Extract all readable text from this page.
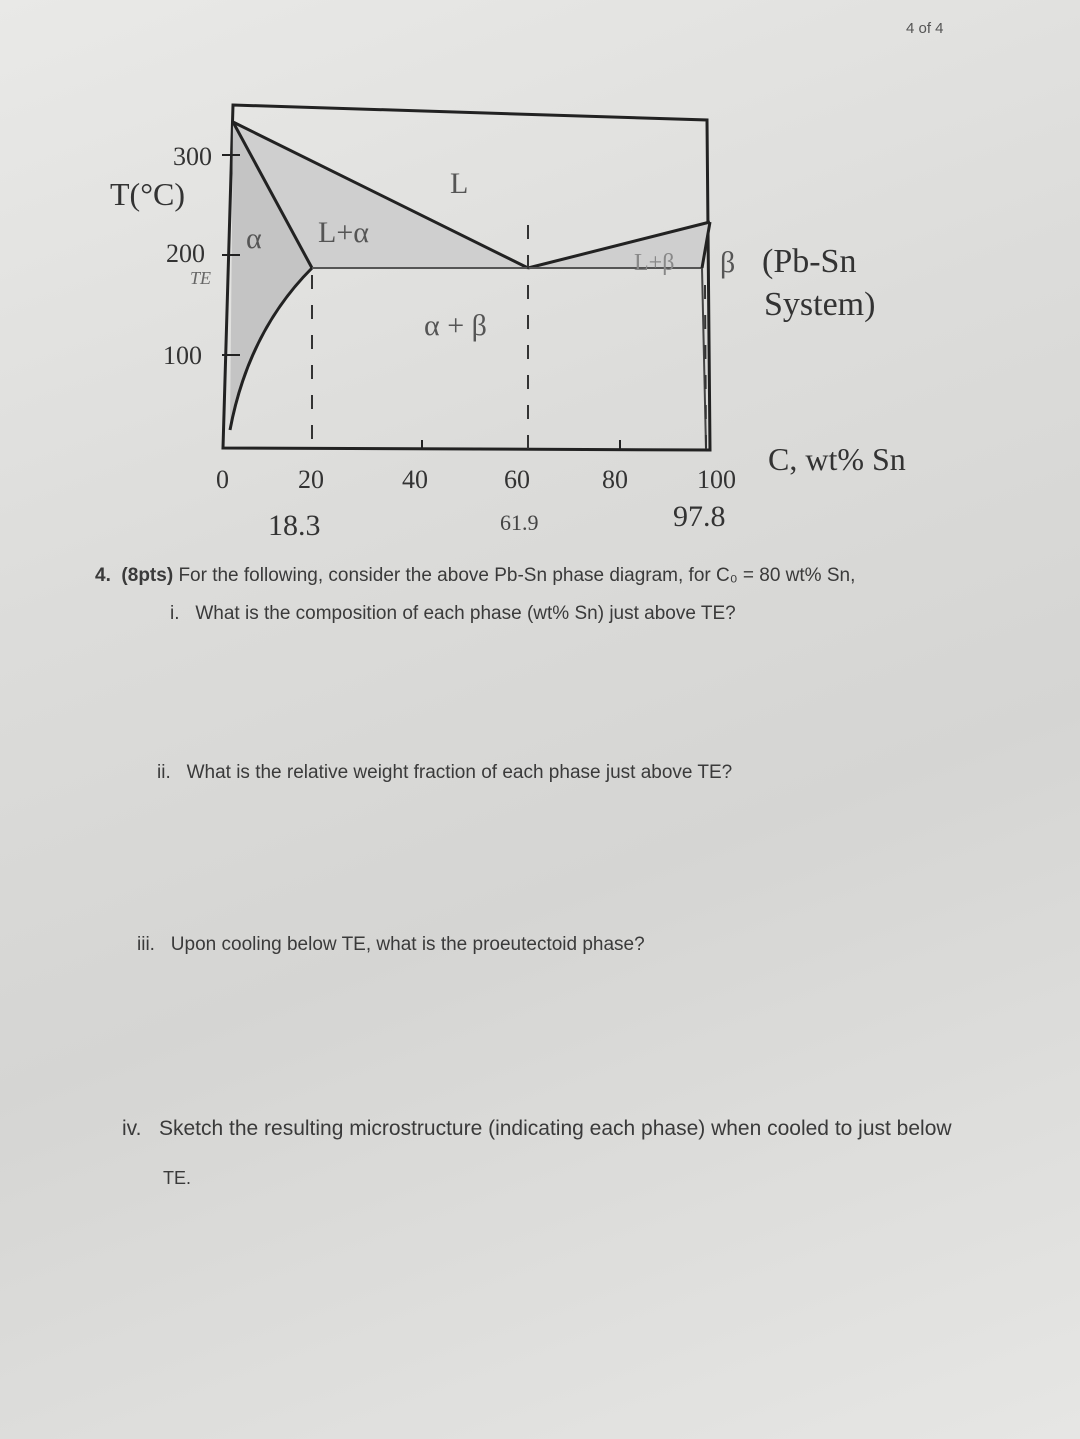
4 of 4
300
T(°C)
200
TE
100
L
α L+α
α + β
L+β β (Pb-Sn
System)
0	20	40	60	80	100
C, wt% Sn
18.3	61.9	97.8
4. (8pts) For the following, consider the above Pb-Sn phase diagram, for C₀ = 80 wt% Sn,
i. What is the composition of each phase (wt% Sn) just above TE?
ii. What is the relative weight fraction of each phase just above TE?
iii. Upon cooling below TE, what is the proeutectoid phase?
iv. Sketch the resulting microstructure (indicating each phase) when cooled to just below
TE.
